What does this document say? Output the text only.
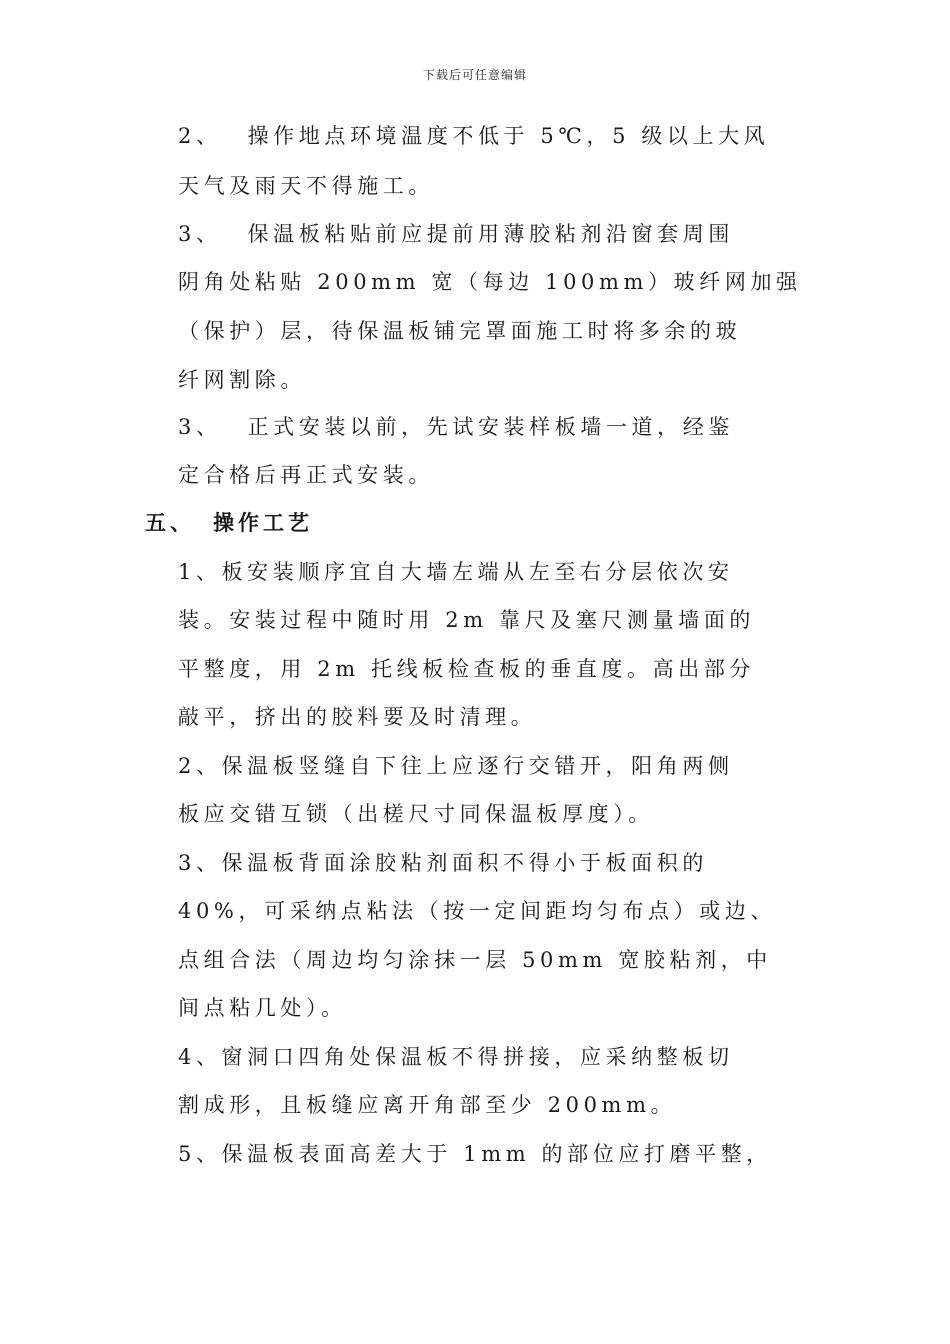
下载后可任意编辑
2、 操作地点环境温度不低于 5℃，5 级以上大风
天气及雨天不得施工。
3、 保温板粘贴前应提前用薄胶粘剂沿窗套周围
阴角处粘贴 200mm 宽（每边 100mm）玻纤网加强
（保护）层，待保温板铺完罩面施工时将多余的玻
纤网割除。
3、 正式安装以前，先试安装样板墙一道，经鉴
定合格后再正式安装。
五、 操作工艺
1、板安装顺序宜自大墙左端从左至右分层依次安
装。安装过程中随时用 2m 靠尺及塞尺测量墙面的
平整度，用 2m 托线板检查板的垂直度。高出部分
敲平，挤出的胶料要及时清理。
2、保温板竖缝自下往上应逐行交错开，阳角两侧
板应交错互锁（出槎尺寸同保温板厚度）。
3、保温板背面涂胶粘剂面积不得小于板面积的
40%，可采纳点粘法（按一定间距均匀布点）或边、
点组合法（周边均匀涂抹一层 50mm 宽胶粘剂，中
间点粘几处）。
4、窗洞口四角处保温板不得拼接，应采纳整板切
割成形，且板缝应离开角部至少 200mm。
5、保温板表面高差大于 1mm 的部位应打磨平整，
